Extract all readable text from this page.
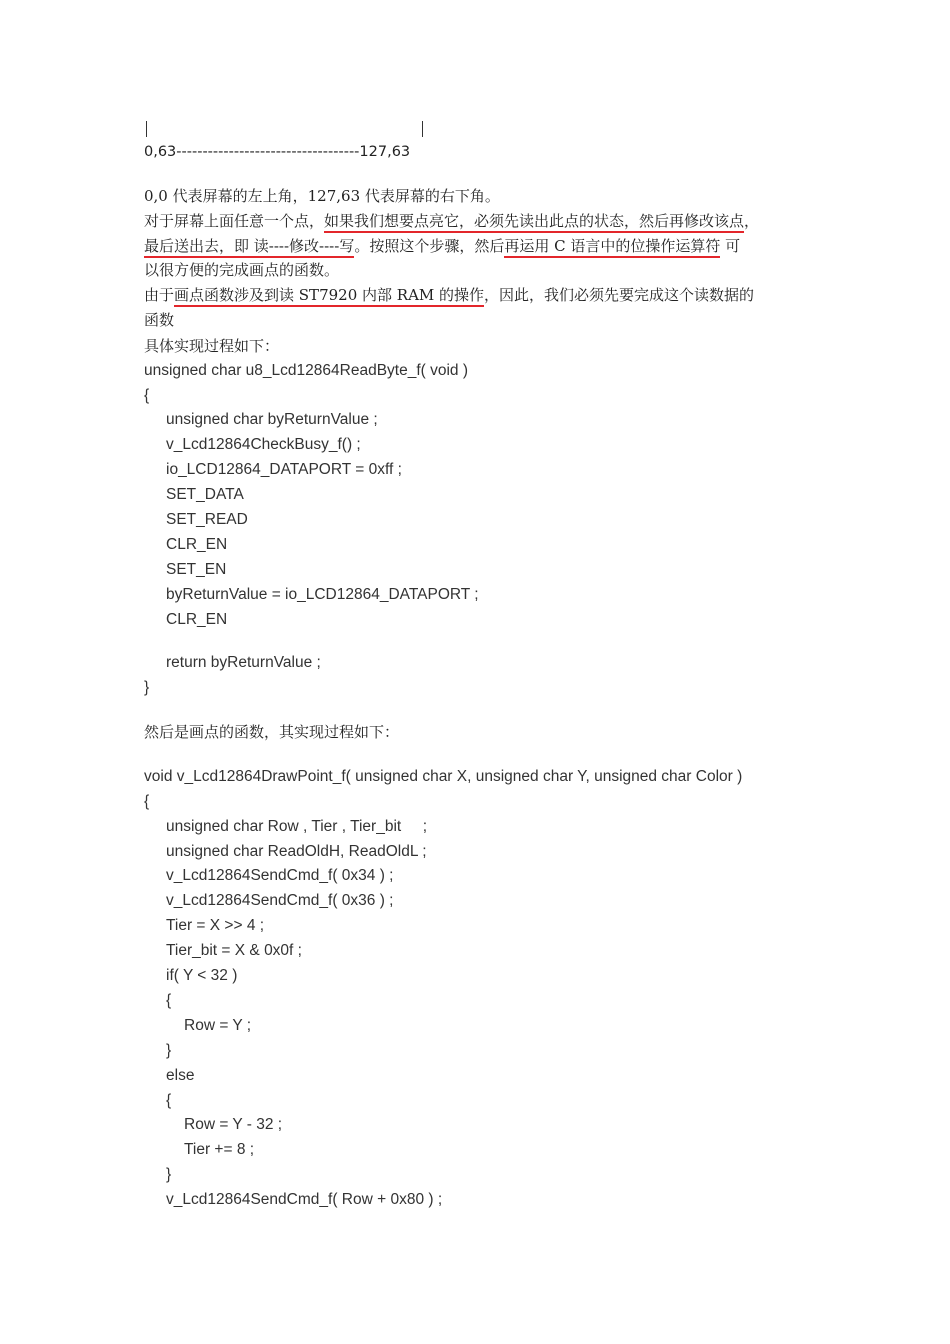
0,63-----------------------------------127,63
0,0 代表屏幕的左上角，127,63 代表屏幕的右下角。
对于屏幕上面任意一个点，如果我们想要点亮它，必须先读出此点的状态，然后再修改该点，
最后送出去，即 读----修改----写。按照这个步骤，然后再运用 C 语言中的位操作运算符 可
以很方便的完成画点的函数。
由于画点函数涉及到读 ST7920 内部 RAM 的操作，因此，我们必须先要完成这个读数据的
函数
具体实现过程如下：
unsigned char u8_Lcd12864ReadByte_f( void )
{
unsigned char byReturnValue ;
v_Lcd12864CheckBusy_f() ;
io_LCD12864_DATAPORT = 0xff ;
SET_DATA
SET_READ
CLR_EN
SET_EN
byReturnValue = io_LCD12864_DATAPORT ;
CLR_EN
return byReturnValue ;
}
然后是画点的函数，其实现过程如下：
void v_Lcd12864DrawPoint_f( unsigned char X, unsigned char Y, unsigned char Color )
{
unsigned char Row , Tier , Tier_bit     ;
unsigned char ReadOldH, ReadOldL ;
v_Lcd12864SendCmd_f( 0x34 ) ;
v_Lcd12864SendCmd_f( 0x36 ) ;
Tier = X >> 4 ;
Tier_bit = X & 0x0f ;
if( Y < 32 )
{
Row = Y ;
}
else
{
Row = Y - 32 ;
Tier += 8 ;
}
v_Lcd12864SendCmd_f( Row + 0x80 ) ;
